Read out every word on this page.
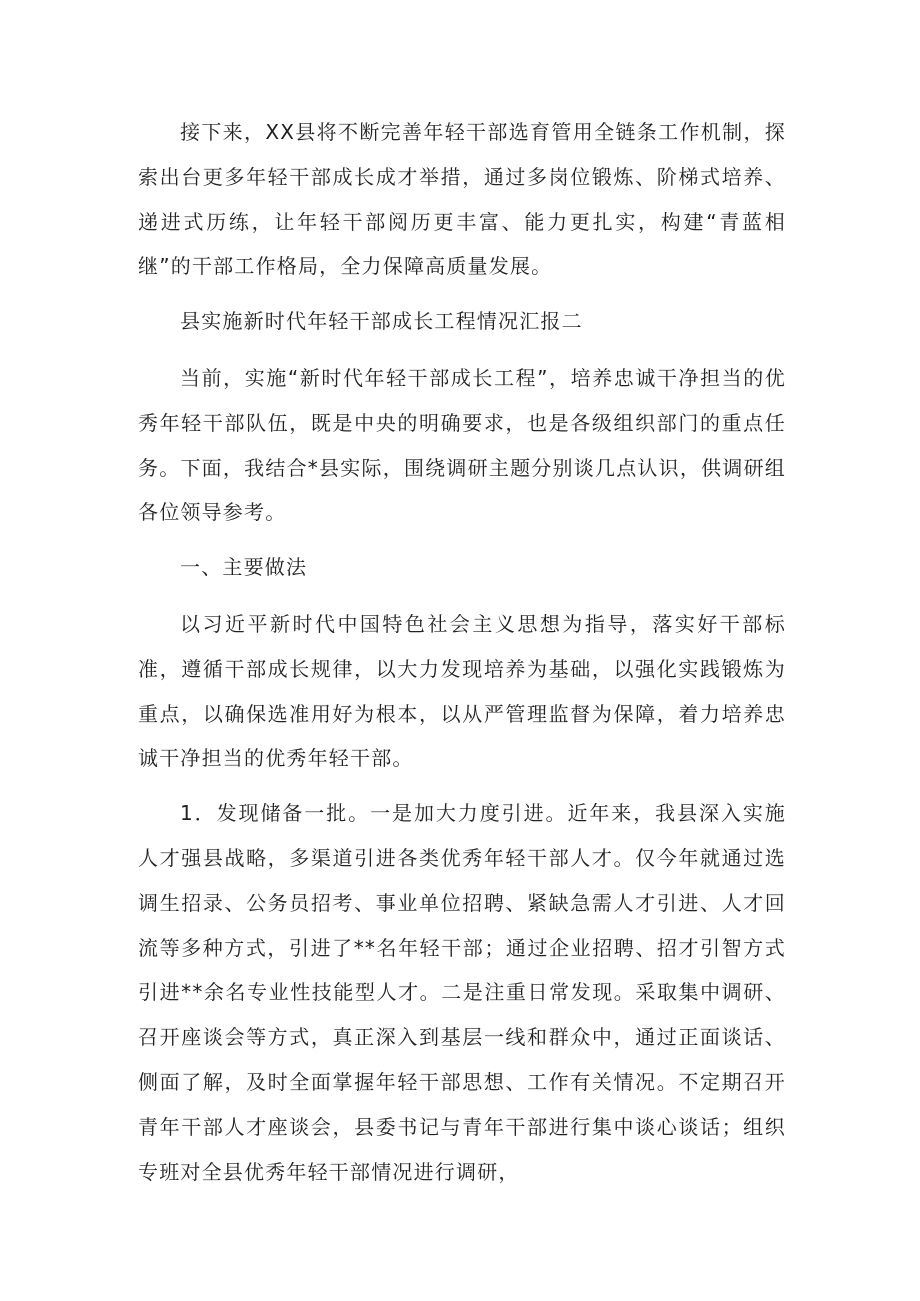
接下来，XX县将不断完善年轻干部选育管用全链条工作机制，探索出台更多年轻干部成长成才举措，通过多岗位锻炼、阶梯式培养、递进式历练，让年轻干部阅历更丰富、能力更扎实，构建“青蓝相继”的干部工作格局，全力保障高质量发展。

县实施新时代年轻干部成长工程情况汇报二

当前，实施“新时代年轻干部成长工程”，培养忠诚干净担当的优秀年轻干部队伍，既是中央的明确要求，也是各级组织部门的重点任务。下面，我结合*县实际，围绕调研主题分别谈几点认识，供调研组各位领导参考。

一、主要做法

以习近平新时代中国特色社会主义思想为指导，落实好干部标准，遵循干部成长规律，以大力发现培养为基础，以强化实践锻炼为重点，以确保选准用好为根本，以从严管理监督为保障，着力培养忠诚干净担当的优秀年轻干部。

1．发现储备一批。一是加大力度引进。近年来，我县深入实施人才强县战略，多渠道引进各类优秀年轻干部人才。仅今年就通过选调生招录、公务员招考、事业单位招聘、紧缺急需人才引进、人才回流等多种方式，引进了**名年轻干部；通过企业招聘、招才引智方式引进**余名专业性技能型人才。二是注重日常发现。采取集中调研、召开座谈会等方式，真正深入到基层一线和群众中，通过正面谈话、侧面了解，及时全面掌握年轻干部思想、工作有关情况。不定期召开青年干部人才座谈会，县委书记与青年干部进行集中谈心谈话；组织专班对全县优秀年轻干部情况进行调研，
